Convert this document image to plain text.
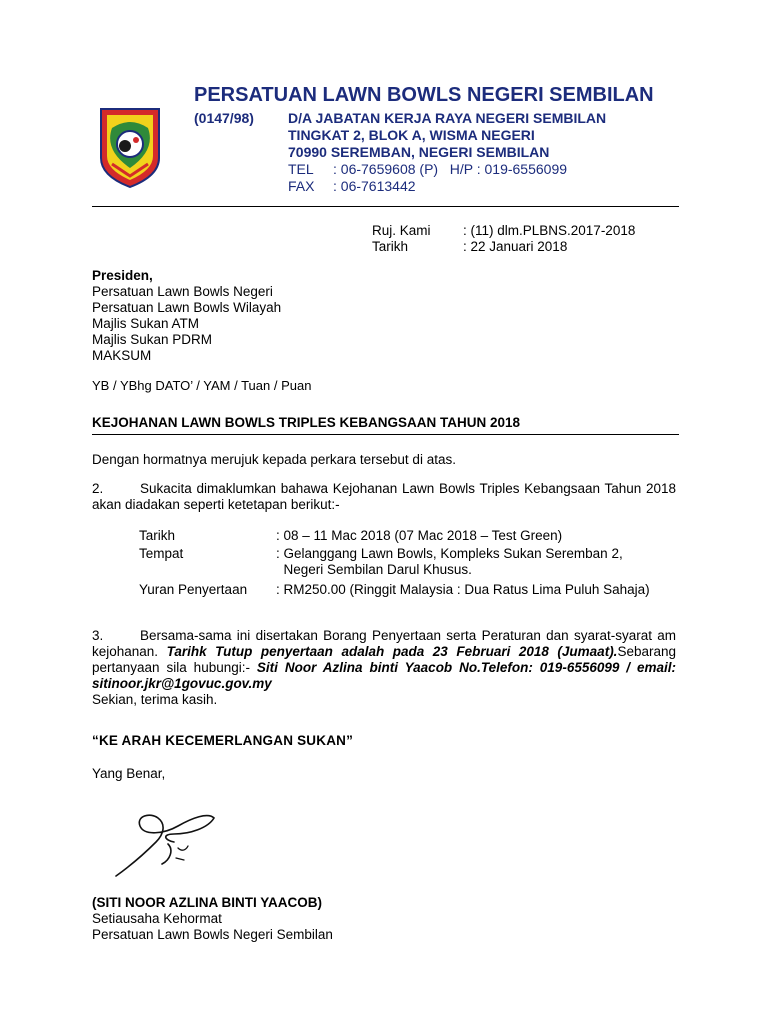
PERSATUAN LAWN BOWLS NEGERI SEMBILAN
(0147/98) D/A JABATAN KERJA RAYA NEGERI SEMBILAN
TINGKAT 2, BLOK A, WISMA NEGERI
70990 SEREMBAN, NEGERI SEMBILAN
TEL : 06-7659608 (P)   H/P : 019-6556099
FAX : 06-7613442
Ruj. Kami : (11) dlm.PLBNS.2017-2018
Tarikh	: 22 Januari 2018
Presiden,
Persatuan Lawn Bowls Negeri
Persatuan Lawn Bowls Wilayah
Majlis Sukan ATM
Majlis Sukan PDRM
MAKSUM
YB / YBhg DATO’ / YAM / Tuan / Puan
KEJOHANAN LAWN BOWLS TRIPLES KEBANGSAAN TAHUN 2018
Dengan hormatnya merujuk kepada perkara tersebut di atas.
2.	Sukacita dimaklumkan bahawa Kejohanan Lawn Bowls Triples Kebangsaan Tahun 2018 akan diadakan seperti ketetapan berikut:-
Tarikh	: 08 – 11 Mac 2018 (07 Mac 2018 – Test Green)
Tempat	: Gelanggang Lawn Bowls, Kompleks Sukan Seremban 2,
Negeri Sembilan Darul Khusus.
Yuran Penyertaan	: RM250.00 (Ringgit Malaysia : Dua Ratus Lima Puluh Sahaja)
3.	Bersama-sama ini disertakan Borang Penyertaan serta Peraturan dan syarat-syarat am kejohanan. Tarihk Tutup penyertaan adalah pada 23 Februari 2018 (Jumaat).Sebarang pertanyaan sila hubungi:- Siti Noor Azlina binti Yaacob No.Telefon: 019-6556099 / email: sitinoor.jkr@1govuc.gov.my
Sekian, terima kasih.
“KE ARAH KECEMERLANGAN SUKAN”
Yang Benar,
(SITI NOOR AZLINA BINTI YAACOB)
Setiausaha Kehormat
Persatuan Lawn Bowls Negeri Sembilan
